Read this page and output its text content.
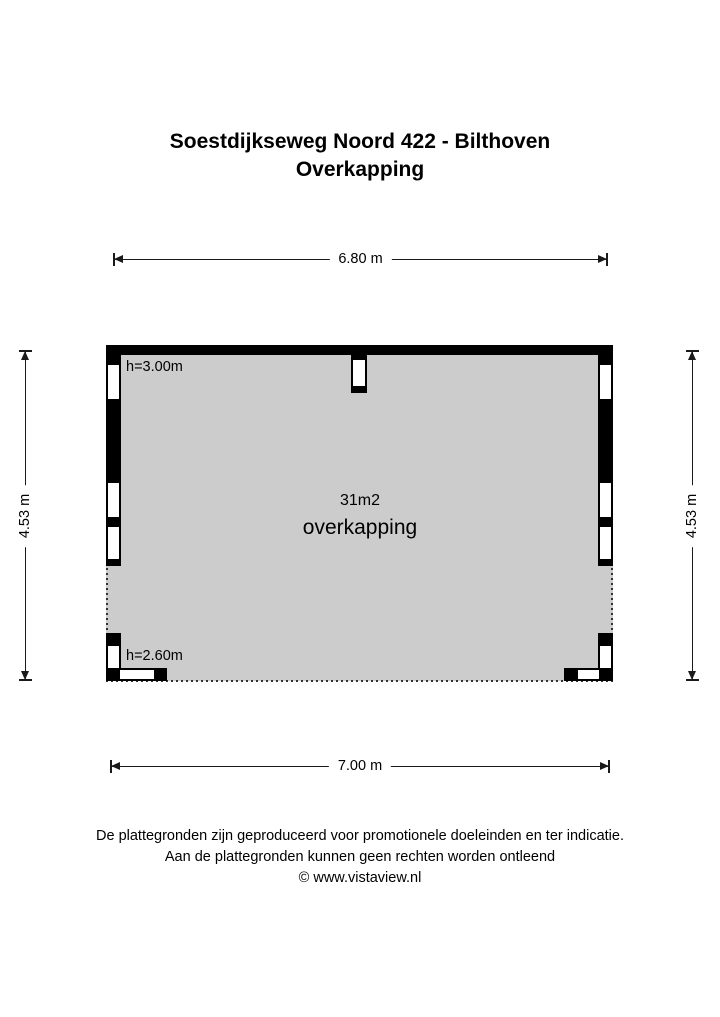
Soestdijkseweg Noord 422 - Bilthoven
Overkapping
6.80 m
4.53 m	4.53 m
7.00 m
h=3.00m
h=2.60m
31m2
overkapping
De plattegronden zijn geproduceerd voor promotionele doeleinden en ter indicatie.
Aan de plattegronden kunnen geen rechten worden ontleend
© www.vistaview.nl
